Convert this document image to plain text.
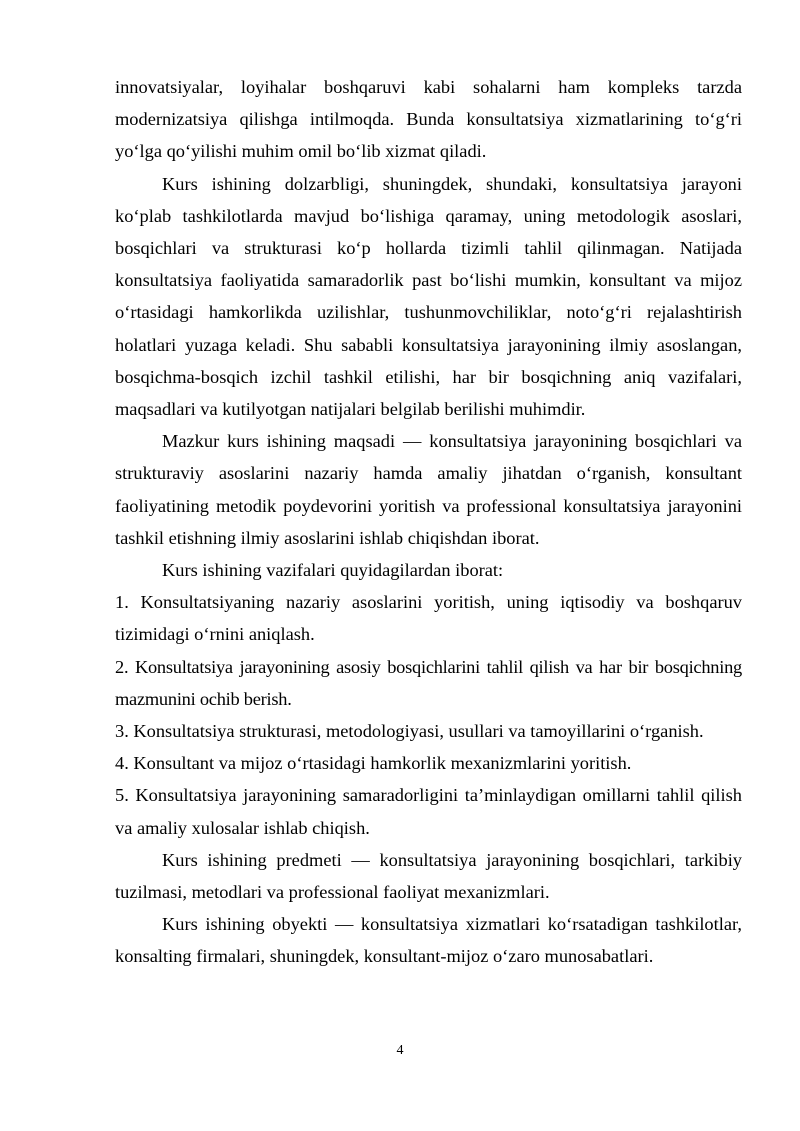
innovatsiyalar, loyihalar boshqaruvi kabi sohalarni ham kompleks tarzda modernizatsiya qilishga intilmoqda. Bunda konsultatsiya xizmatlarining to‘g‘ri yo‘lga qo‘yilishi muhim omil bo‘lib xizmat qiladi.

Kurs ishining dolzarbligi, shuningdek, shundaki, konsultatsiya jarayoni ko‘plab tashkilotlarda mavjud bo‘lishiga qaramay, uning metodologik asoslari, bosqichlari va strukturasi ko‘p hollarda tizimli tahlil qilinmagan. Natijada konsultatsiya faoliyatida samaradorlik past bo‘lishi mumkin, konsultant va mijoz o‘rtasidagi hamkorlikda uzilishlar, tushunmovchiliklar, noto‘g‘ri rejalashtirish holatlari yuzaga keladi. Shu sababli konsultatsiya jarayonining ilmiy asoslangan, bosqichma-bosqich izchil tashkil etilishi, har bir bosqichning aniq vazifalari, maqsadlari va kutilyotgan natijalari belgilab berilishi muhimdir.

Mazkur kurs ishining maqsadi — konsultatsiya jarayonining bosqichlari va strukturaviy asoslarini nazariy hamda amaliy jihatdan o‘rganish, konsultant faoliyatining metodik poydevorini yoritish va professional konsultatsiya jarayonini tashkil etishning ilmiy asoslarini ishlab chiqishdan iborat.

Kurs ishining vazifalari quyidagilardan iborat:

1. Konsultatsiyaning nazariy asoslarini yoritish, uning iqtisodiy va boshqaruv tizimidagi o‘rnini aniqlash.

2. Konsultatsiya jarayonining asosiy bosqichlarini tahlil qilish va har bir bosqichning mazmunini ochib berish.

3. Konsultatsiya strukturasi, metodologiyasi, usullari va tamoyillarini o‘rganish.

4. Konsultant va mijoz o‘rtasidagi hamkorlik mexanizmlarini yoritish.

5. Konsultatsiya jarayonining samaradorligini ta’minlaydigan omillarni tahlil qilish va amaliy xulosalar ishlab chiqish.

Kurs ishining predmeti — konsultatsiya jarayonining bosqichlari, tarkibiy tuzilmasi, metodlari va professional faoliyat mexanizmlari.

Kurs ishining obyekti — konsultatsiya xizmatlari ko‘rsatadigan tashkilotlar, konsalting firmalari, shuningdek, konsultant-mijoz o‘zaro munosabatlari.

4
